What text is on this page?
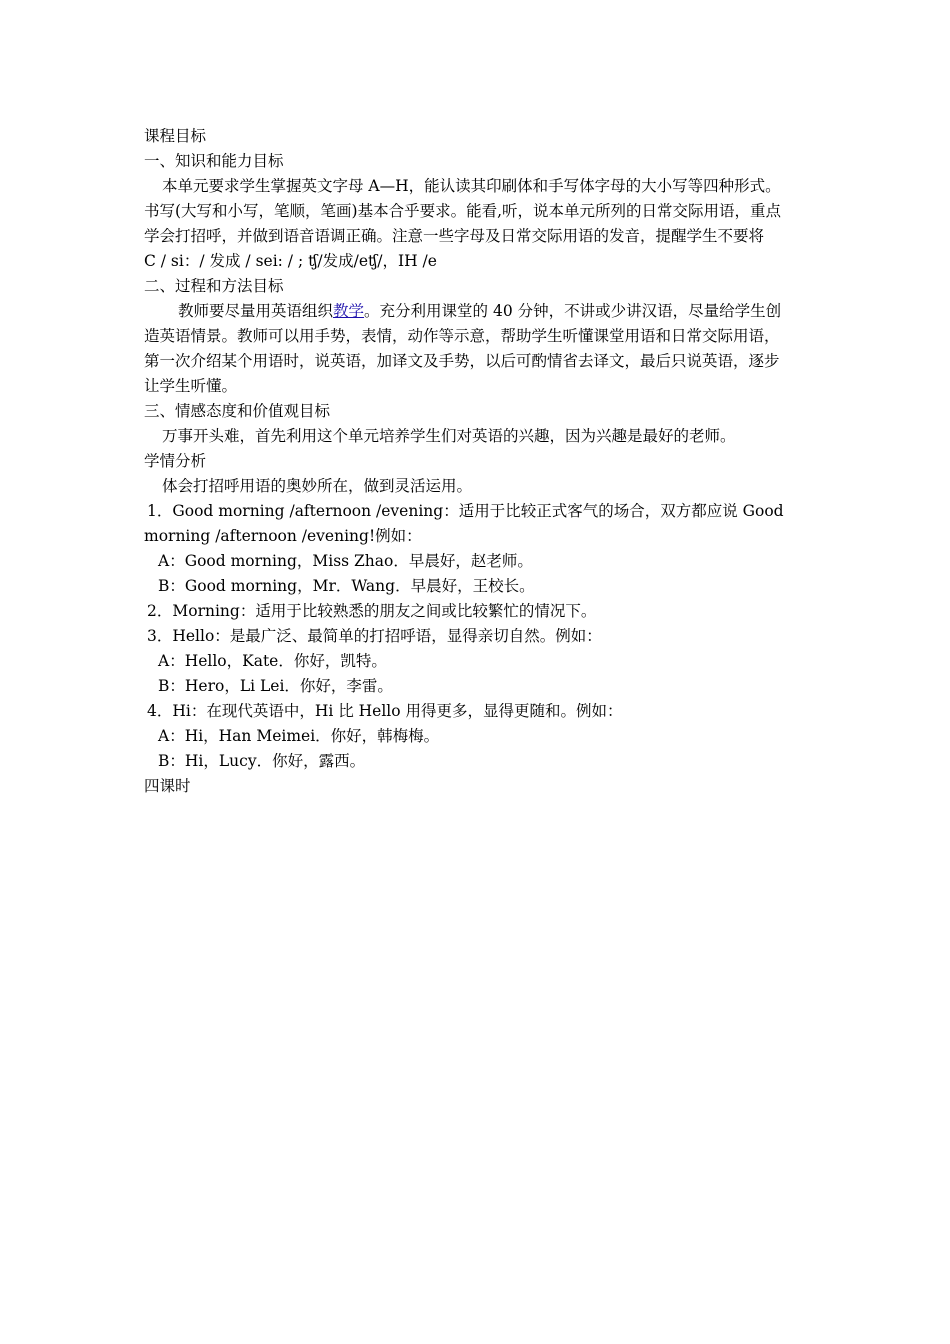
课程目标
一、知识和能力目标
本单元要求学生掌握英文字母 A—H，能认读其印刷体和手写体字母的大小写等四种形式。
书写(大写和小写，笔顺，笔画)基本合乎要求。能看,听，说本单元所列的日常交际用语，重点
学会打招呼，并做到语音语调正确。注意一些字母及日常交际用语的发音，提醒学生不要将
C / si：/ 发成 / sei: / ; ʧ/发成/eʧ/，IH /e
二、过程和方法目标
教师要尽量用英语组织教学。充分利用课堂的 40 分钟，不讲或少讲汉语，尽量给学生创
造英语情景。教师可以用手势，表情，动作等示意，帮助学生听懂课堂用语和日常交际用语，
第一次介绍某个用语时，说英语，加译文及手势，以后可酌情省去译文，最后只说英语，逐步
让学生听懂。
三、情感态度和价值观目标
万事开头难，首先利用这个单元培养学生们对英语的兴趣，因为兴趣是最好的老师。
学情分析
体会打招呼用语的奥妙所在，做到灵活运用。
1．Good morning /afternoon /evening：适用于比较正式客气的场合，双方都应说 Good
morning /afternoon /evening!例如：
A：Good morning，Miss Zhao．早晨好，赵老师。
B：Good morning，Mr．Wang．早晨好，王校长。
2．Morning：适用于比较熟悉的朋友之间或比较繁忙的情况下。
3．Hello：是最广泛、最简单的打招呼语，显得亲切自然。例如：
A：Hello，Kate．你好，凯特。
B：Hero，Li Lei．你好，李雷。
4．Hi：在现代英语中，Hi 比 Hello 用得更多，显得更随和。例如：
A：Hi，Han Meimei．你好，韩梅梅。
B：Hi，Lucy．你好，露西。
四课时
